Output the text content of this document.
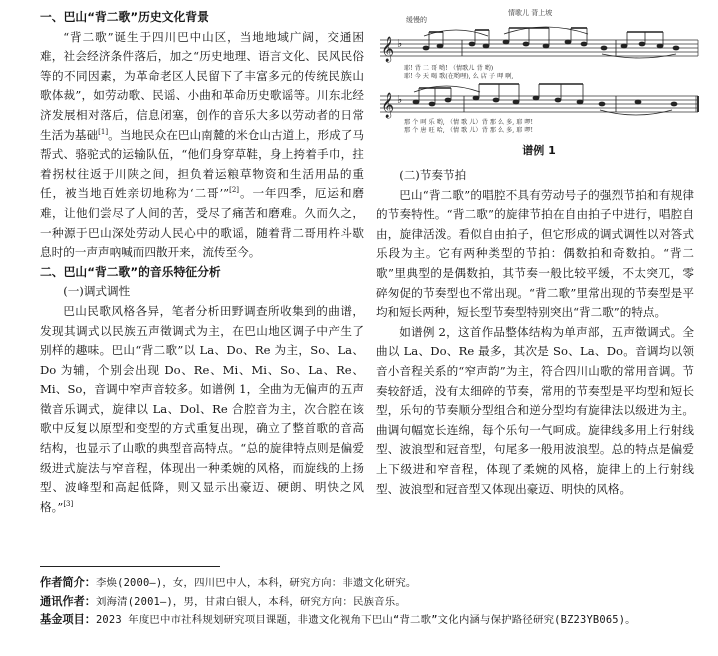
一、巴山“背二歌”历史文化背景

“背二歌”诞生于四川巴中山区，当地地域广阔，交通困难，社会经济条件落后，加之“历史地理、语言文化、民风民俗等的不同因素，为革命老区人民留下了丰富多元的传统民族山歌体裁”，如劳动歌、民谣、小曲和革命历史歌谣等。川东北经济发展相对落后，信息闭塞，创作的音乐大多以劳动者的日常生活为基础[1]。当地民众在巴山南麓的米仓山古道上，形成了马帮式、骆驼式的运输队伍，“他们身穿草鞋，身上挎着手巾，拄着拐杖往返于川陕之间，担负着运粮草物资和生活用品的重任，被当地百姓亲切地称为‘二哥’”[2]。一年四季，厄运和磨难，让他们尝尽了人间的苦，受尽了痛苦和磨难。久而久之，一种源于巴山深处劳动人民心中的歌谣，随着背二哥用杵斗歇息时的一声声吶喊而四散开来，流传至今。

二、巴山“背二歌”的音乐特征分析

(一)调式调性

巴山民歌风格各异，笔者分析田野调查所收集到的曲谱，发现其调式以民族五声徵调式为主，在巴山地区调子中产生了别样的趣味。巴山“背二歌”以 La、Do、Re 为主，So、La、Do 为辅，个别会出现 Do、Re、Mi、Mi、So、La、Re、Mi、So，音调中窄声音较多。如谱例 1，全曲为无偏声的五声徵音乐调式，旋律以 La、Dol、Re 合腔音为主，次合腔在该歌中反复以原型和变型的方式重复出现，确立了整首歌的音高结构，也显示了山歌的典型音高特点。“总的旋律特点则是偏爱级进式旋法与窄音程，体现出一种柔婉的风格，而旋线的上扬型、波峰型和高起低降，则又显示出豪迈、硬朗、明快之风格。”[3]

𝄞
𝄞
♭
♭
缓慢的
情歌儿 背上坡
耶! 背 二 哥 哟! （情歌儿 背 哟)
耶! 今 天 喝 歌(在哟哩), 么 店 子 呷 啊,
那 个 呵 乐 哟, （情 歌 儿）背 那 么 多, 耶 啰!
那 个 唐 旺 哈, （情 歌 儿）背 那 么 多, 耶 啰!
谱例 1

(二)节奏节拍

巴山“背二歌”的唱腔不具有劳动号子的强烈节拍和有规律的节奏特性。“背二歌”的旋律节拍在自由拍子中进行，唱腔自由，旋律活泼。看似自由拍子，但它形成的调式调性以对答式乐段为主。它有两种类型的节拍：偶数拍和奇数拍。“背二歌”里典型的是偶数拍，其节奏一般比较平缓，不太突兀，零碎匆促的节奏型也不常出现。“背二歌”里常出现的节奏型是平均和短长两种，短长型节奏型特别突出“背二歌”的特点。

如谱例 2，这首作品整体结构为单声部，五声徵调式。全曲以 La、Do、Re 最多，其次是 So、La、Do。音调均以领音小音程关系的“窄声韵”为主，符合四川山歌的常用音调。节奏较舒适，没有太细碎的节奏，常用的节奏型是平均型和短长型，乐句的节奏顺分型组合和逆分型均有旋律法以级进为主。曲调句幅宽长连绵，每个乐句一气呵成。旋律线多用上行射线型、波浪型和冠音型，句尾多一般用波浪型。总的特点是偏爱上下级进和窄音程，体现了柔婉的风格，旋律上的上行射线型、波浪型和冠音型又体现出豪迈、明快的风格。

作者简介：李焕(2000—)，女，四川巴中人，本科，研究方向：非遗文化研究。

通讯作者：刘海清(2001—)，男，甘肃白银人，本科，研究方向：民族音乐。

基金项目：2023 年度巴中市社科规划研究项目课题，非遗文化视角下巴山“背二歌”文化内涵与保护路径研究(BZ23YB065)。
